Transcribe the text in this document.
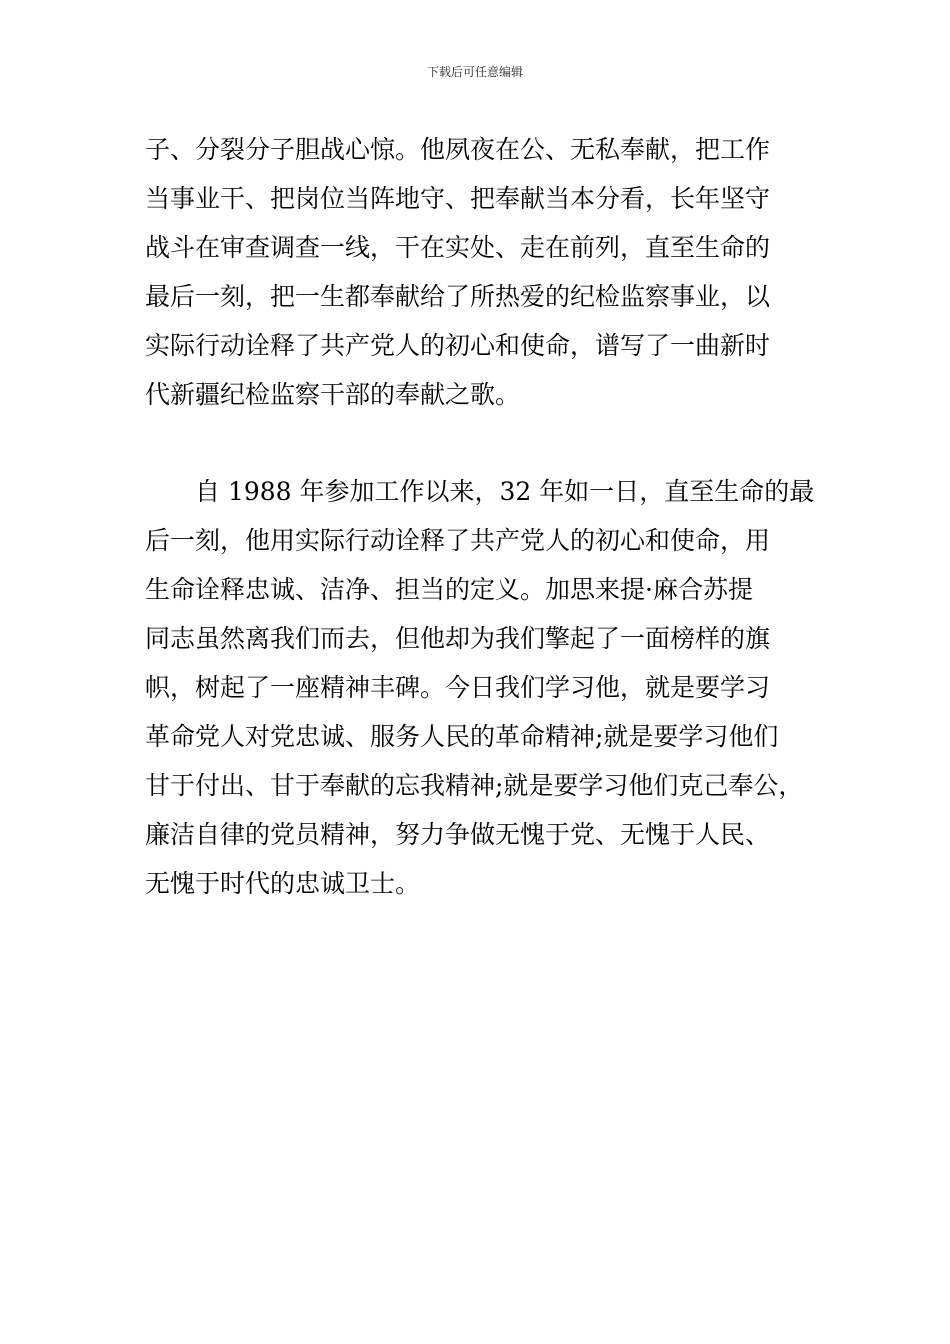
下载后可任意编辑
子、分裂分子胆战心惊。他夙夜在公、无私奉献，把工作
当事业干、把岗位当阵地守、把奉献当本分看，长年坚守
战斗在审查调查一线，干在实处、走在前列，直至生命的
最后一刻，把一生都奉献给了所热爱的纪检监察事业，以
实际行动诠释了共产党人的初心和使命，谱写了一曲新时
代新疆纪检监察干部的奉献之歌。
　　自 1988 年参加工作以来，32 年如一日，直至生命的最
后一刻，他用实际行动诠释了共产党人的初心和使命，用
生命诠释忠诚、洁净、担当的定义。加思来提·麻合苏提
同志虽然离我们而去，但他却为我们擎起了一面榜样的旗
帜，树起了一座精神丰碑。今日我们学习他，就是要学习
革命党人对党忠诚、服务人民的革命精神;就是要学习他们
甘于付出、甘于奉献的忘我精神;就是要学习他们克己奉公，
廉洁自律的党员精神，努力争做无愧于党、无愧于人民、
无愧于时代的忠诚卫士。
